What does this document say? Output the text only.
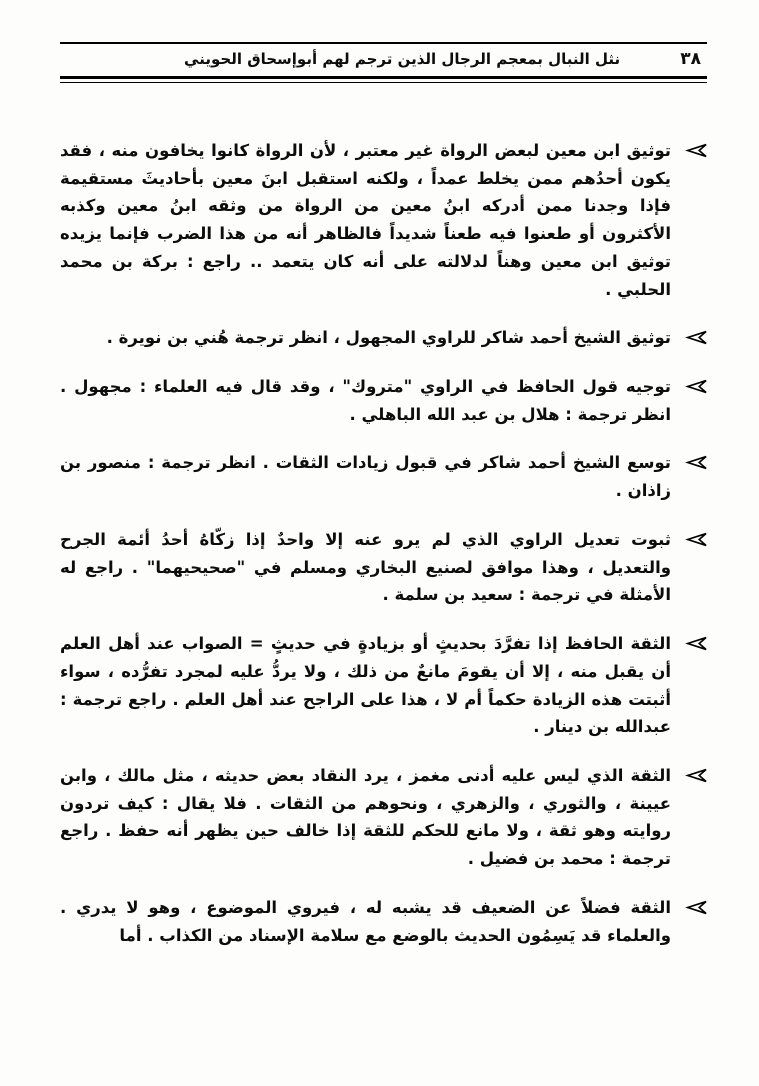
٣٨
نثل النبال بمعجم الرجال الذين ترجم لهم أبوإسحاق الحويني
توثيق ابن معين لبعض الرواة غير معتبر ، لأن الرواة كانوا يخافون منه ، فقد يكون أحدُهم ممن يخلط عمداً ، ولكنه استقبل ابنَ معين بأحاديثَ مستقيمة فإذا وجدنا ممن أدركه ابنُ معين من الرواة من وثقه ابنُ معين وكذبه الأكثرون أو طعنوا فيه طعناً شديداً فالظاهر أنه من هذا الضرب فإنما يزيده توثيق ابن معين وهناً لدلالته على أنه كان يتعمد .. راجع : بركة بن محمد الحلبي .
توثيق الشيخ أحمد شاكر للراوي المجهول ، انظر ترجمة هُني بن نويرة .
توجيه قول الحافظ في الراوي "متروك" ، وقد قال فيه العلماء : مجهول . انظر ترجمة : هلال بن عبد الله الباهلي .
توسع الشيخ أحمد شاكر في قبول زيادات الثقات . انظر ترجمة : منصور بن زاذان .
ثبوت تعديل الراوي الذي لم يرو عنه إلا واحدٌ إذا زكّاهُ أحدُ أئمة الجرح والتعديل ، وهذا موافق لصنيع البخاري ومسلم في "صحيحيهما" . راجع له الأمثلة في ترجمة : سعيد بن سلمة .
الثقة الحافظ إذا تفرَّدَ بحديثٍ أو بزيادةٍ في حديثٍ = الصواب عند أهل العلم أن يقبل منه ، إلا أن يقومَ مانعٌ من ذلك ، ولا يردُّ عليه لمجرد تفرُّده ، سواء أثبتت هذه الزيادة حكماً أم لا ، هذا على الراجح عند أهل العلم . راجع ترجمة : عبدالله بن دينار .
الثقة الذي ليس عليه أدنى مغمز ، يرد النقاد بعض حديثه ، مثل مالك ، وابن عيينة ، والثوري ، والزهري ، ونحوهم من الثقات . فلا يقال : كيف تردون روايته وهو ثقة ، ولا مانع للحكم للثقة إذا خالف حين يظهر أنه حفظ . راجع ترجمة : محمد بن فضيل .
الثقة فضلاً عن الضعيف قد يشبه له ، فيروي الموضوع ، وهو لا يدري . والعلماء قد يَسِمُون الحديث بالوضع مع سلامة الإسناد من الكذاب . أما
